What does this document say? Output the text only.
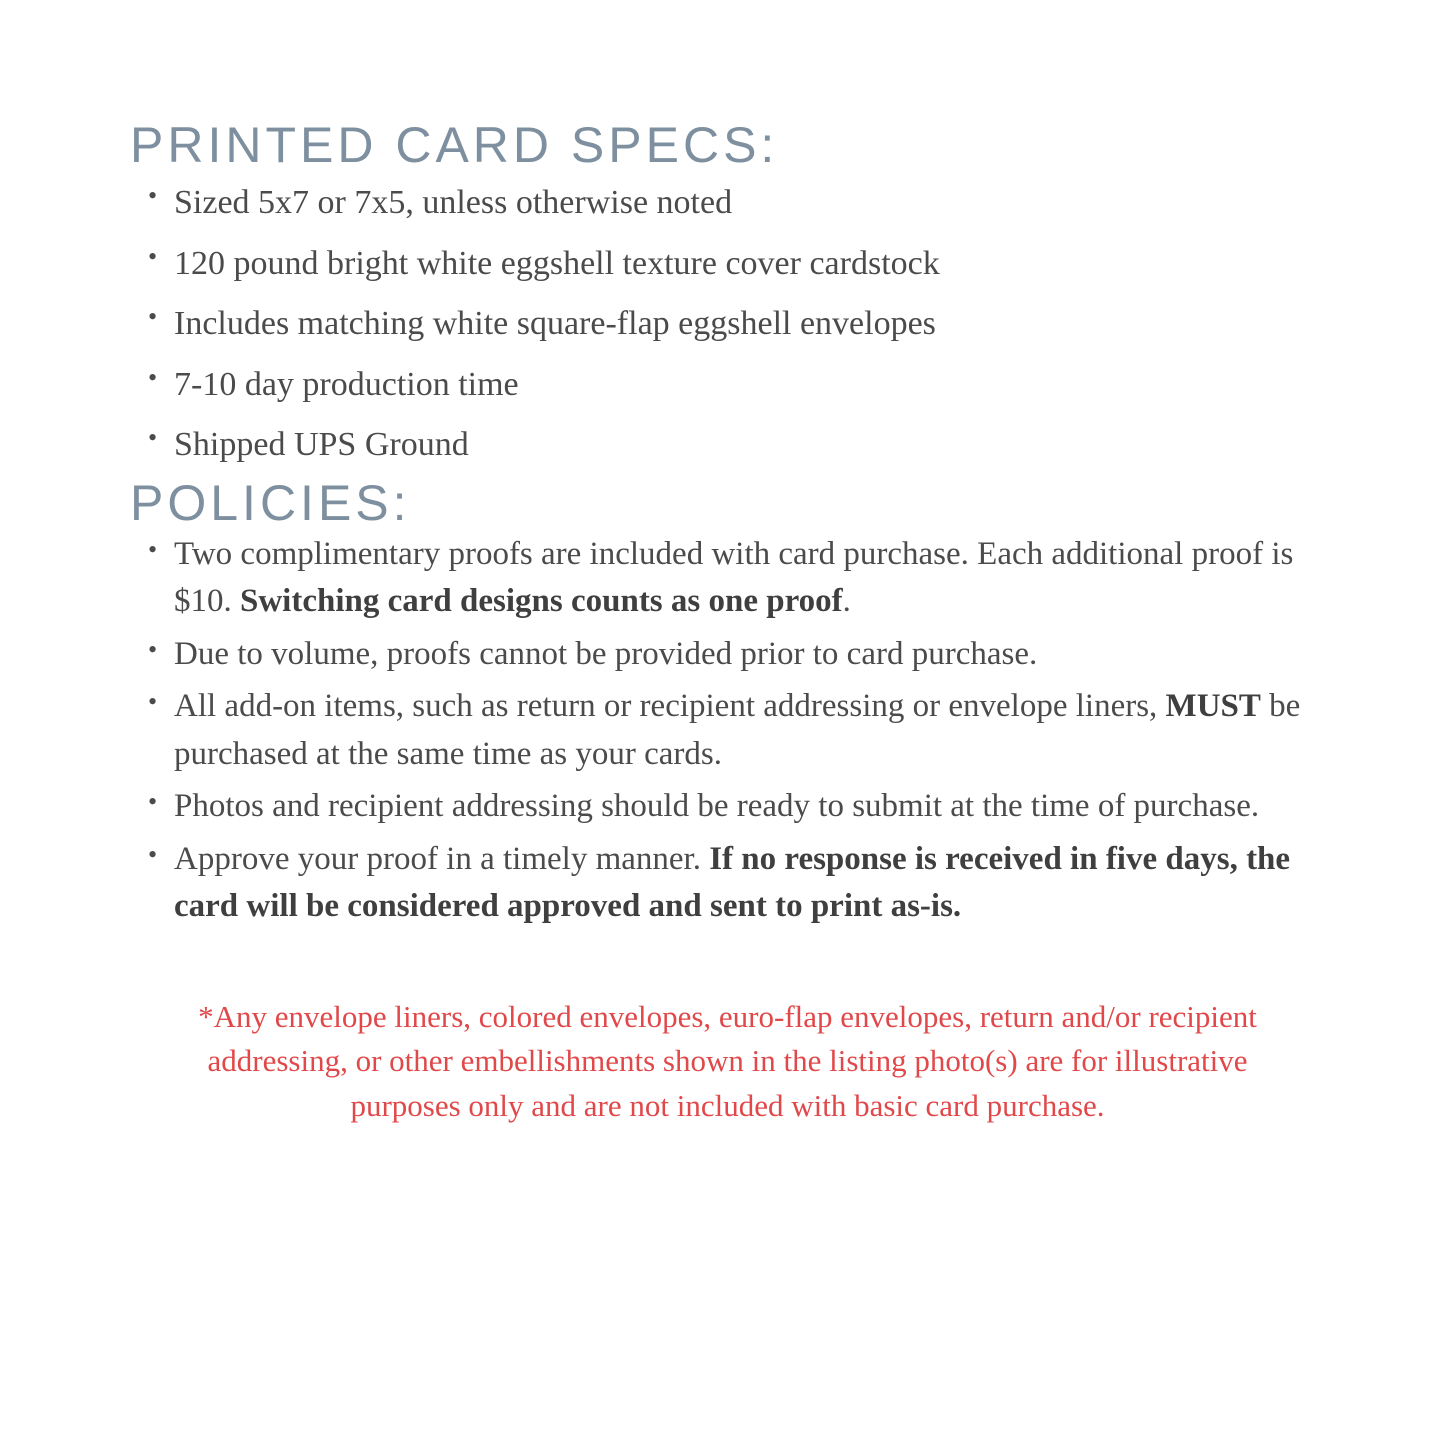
PRINTED CARD SPECS:
• Sized 5x7 or 7x5, unless otherwise noted
• 120 pound bright white eggshell texture cover cardstock
• Includes matching white square-flap eggshell envelopes
• 7-10 day production time
• Shipped UPS Ground
POLICIES:
• Two complimentary proofs are included with card purchase. Each additional proof is $10. Switching card designs counts as one proof.
• Due to volume, proofs cannot be provided prior to card purchase.
• All add-on items, such as return or recipient addressing or envelope liners, MUST be purchased at the same time as your cards.
• Photos and recipient addressing should be ready to submit at the time of purchase.
• Approve your proof in a timely manner. If no response is received in five days, the card will be considered approved and sent to print as-is.

*Any envelope liners, colored envelopes, euro-flap envelopes, return and/or recipient addressing, or other embellishments shown in the listing photo(s) are for illustrative purposes only and are not included with basic card purchase.
